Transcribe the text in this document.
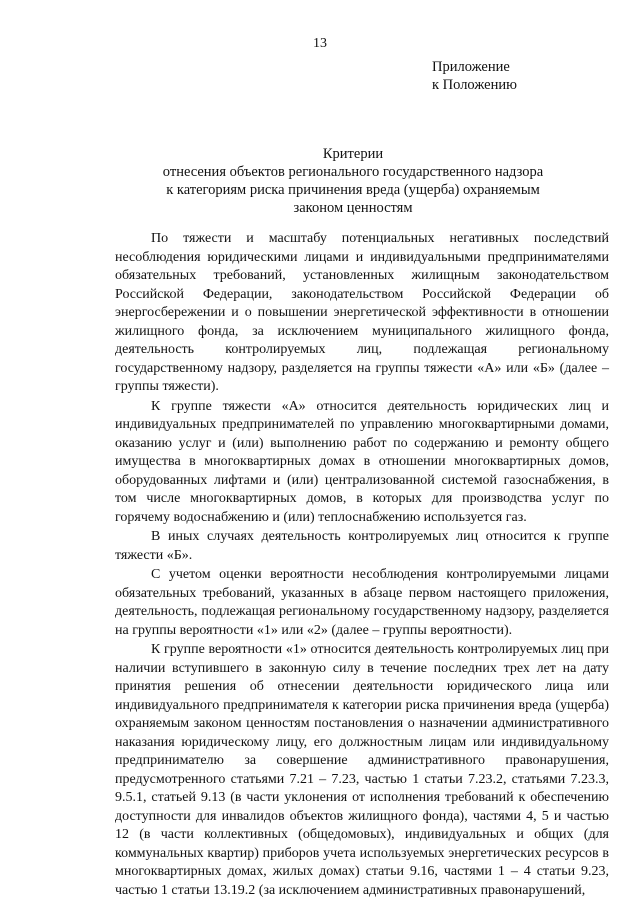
13
Приложение
к Положению
Критерии
отнесения объектов регионального государственного надзора
к категориям риска причинения вреда (ущерба) охраняемым
законом ценностям

По тяжести и масштабу потенциальных негативных последствий несоблюдения юридическими лицами и индивидуальными предпринимателями обязательных требований, установленных жилищным законодательством Российской Федерации, законодательством Российской Федерации об энергосбережении и о повышении энергетической эффективности в отношении жилищного фонда, за исключением муниципального жилищного фонда, деятельность контролируемых лиц, подлежащая региональному государственному надзору, разделяется на группы тяжести «А» или «Б» (далее – группы тяжести).

К группе тяжести «А» относится деятельность юридических лиц и индивидуальных предпринимателей по управлению многоквартирными домами, оказанию услуг и (или) выполнению работ по содержанию и ремонту общего имущества в многоквартирных домах в отношении многоквартирных домов, оборудованных лифтами и (или) централизованной системой газоснабжения, в том числе многоквартирных домов, в которых для производства услуг по горячему водоснабжению и (или) теплоснабжению используется газ.

В иных случаях деятельность контролируемых лиц относится к группе тяжести «Б».

С учетом оценки вероятности несоблюдения контролируемыми лицами обязательных требований, указанных в абзаце первом настоящего приложения, деятельность, подлежащая региональному государственному надзору, разделяется на группы вероятности «1» или «2» (далее – группы вероятности).

К группе вероятности «1» относится деятельность контролируемых лиц при наличии вступившего в законную силу в течение последних трех лет на дату принятия решения об отнесении деятельности юридического лица или индивидуального предпринимателя к категории риска причинения вреда (ущерба) охраняемым законом ценностям постановления о назначении административного наказания юридическому лицу, его должностным лицам или индивидуальному предпринимателю за совершение административного правонарушения, предусмотренного статьями 7.21 – 7.23, частью 1 статьи 7.23.2, статьями 7.23.3, 9.5.1, статьей 9.13 (в части уклонения от исполнения требований к обеспечению доступности для инвалидов объектов жилищного фонда), частями 4, 5 и частью 12 (в части коллективных (общедомовых), индивидуальных и общих (для коммунальных квартир) приборов учета используемых энергетических ресурсов в многоквартирных домах, жилых домах) статьи 9.16, частями 1 – 4 статьи 9.23, частью 1 статьи 13.19.2 (за исключением административных правонарушений,
